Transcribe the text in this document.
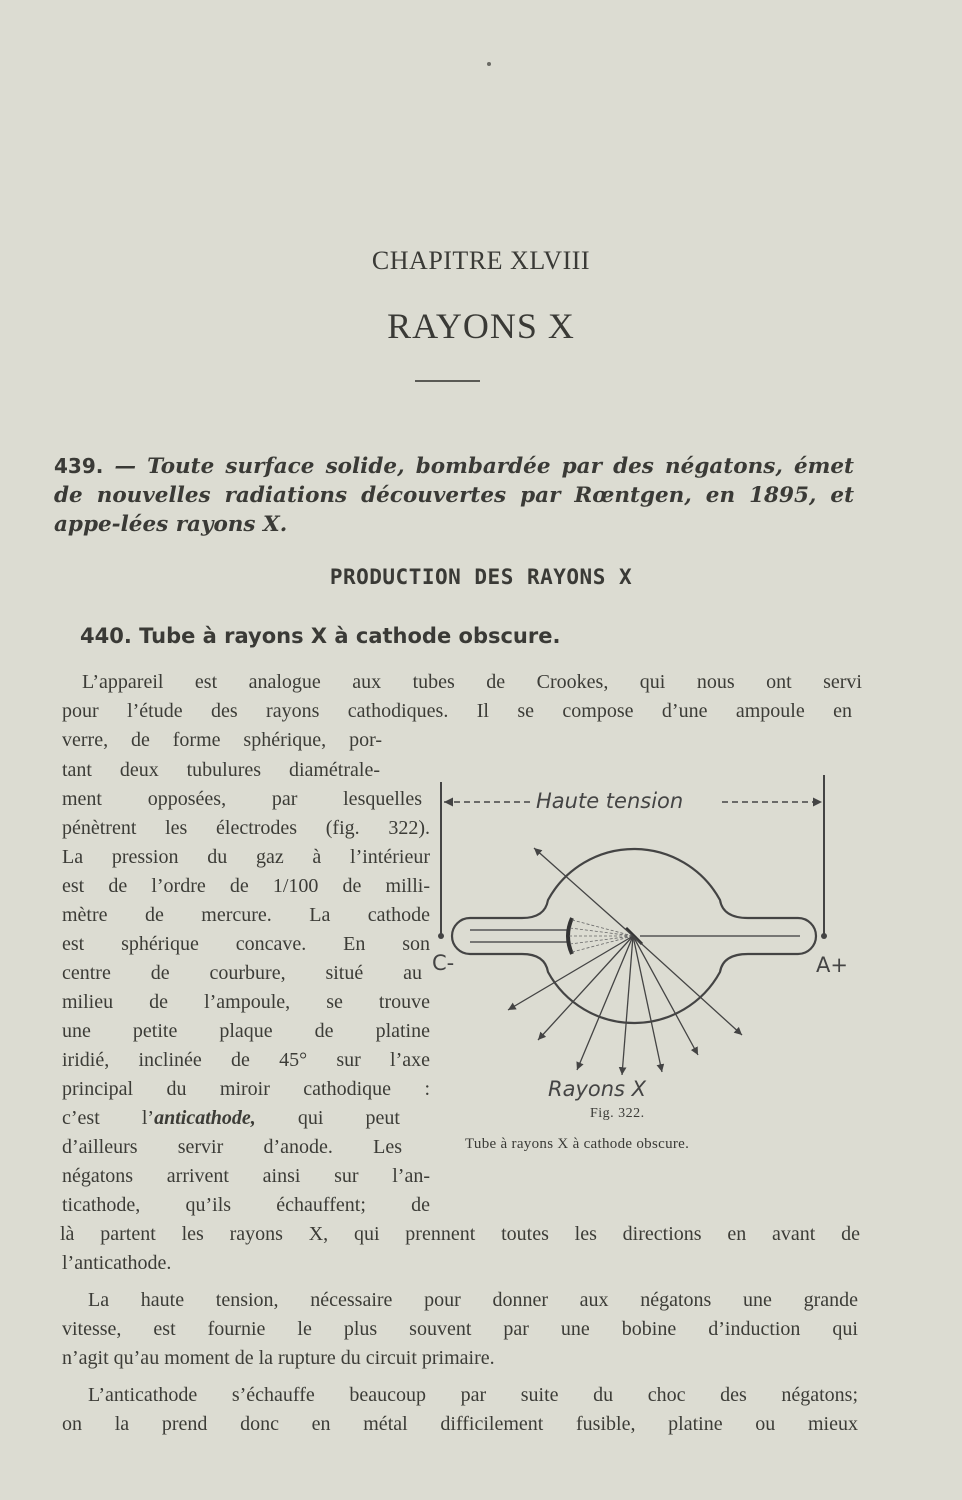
CHAPITRE XLVIII
RAYONS X
439. — Toute surface solide, bombardée par des négatons, émet de nouvelles radiations découvertes par Rœntgen, en 1895, et appe-lées rayons X.
PRODUCTION DES RAYONS X
440. Tube à rayons X à cathode obscure.
L’appareil est analogue aux tubes de Crookes, qui nous ont servi
pour l’étude des rayons cathodiques. Il se compose d’une ampoule en
verre, de forme sphérique, por-
tant deux tubulures diamétrale-
ment opposées, par lesquelles
pénètrent les électrodes (fig. 322).
La pression du gaz à l’intérieur
est de l’ordre de 1/100 de milli-
mètre de mercure. La cathode
est sphérique concave. En son
centre de courbure, situé au
milieu de l’ampoule, se trouve
une petite plaque de platine
iridié, inclinée de 45° sur l’axe
principal du miroir cathodique :
c’est l’anticathode, qui peut
d’ailleurs servir d’anode. Les
négatons arrivent ainsi sur l’an-
ticathode, qu’ils échauffent; de
là partent les rayons X, qui prennent toutes les directions en avant de
l’anticathode.
La haute tension, nécessaire pour donner aux négatons une grande
vitesse, est fournie le plus souvent par une bobine d’induction qui
n’agit qu’au moment de la rupture du circuit primaire.
L’anticathode s’échauffe beaucoup par suite du choc des négatons;
on la prend donc en métal difficilement fusible, platine ou mieux
Haute tension
C-	A+
Rayons X
Fig. 322.
Tube à rayons X à cathode obscure.
